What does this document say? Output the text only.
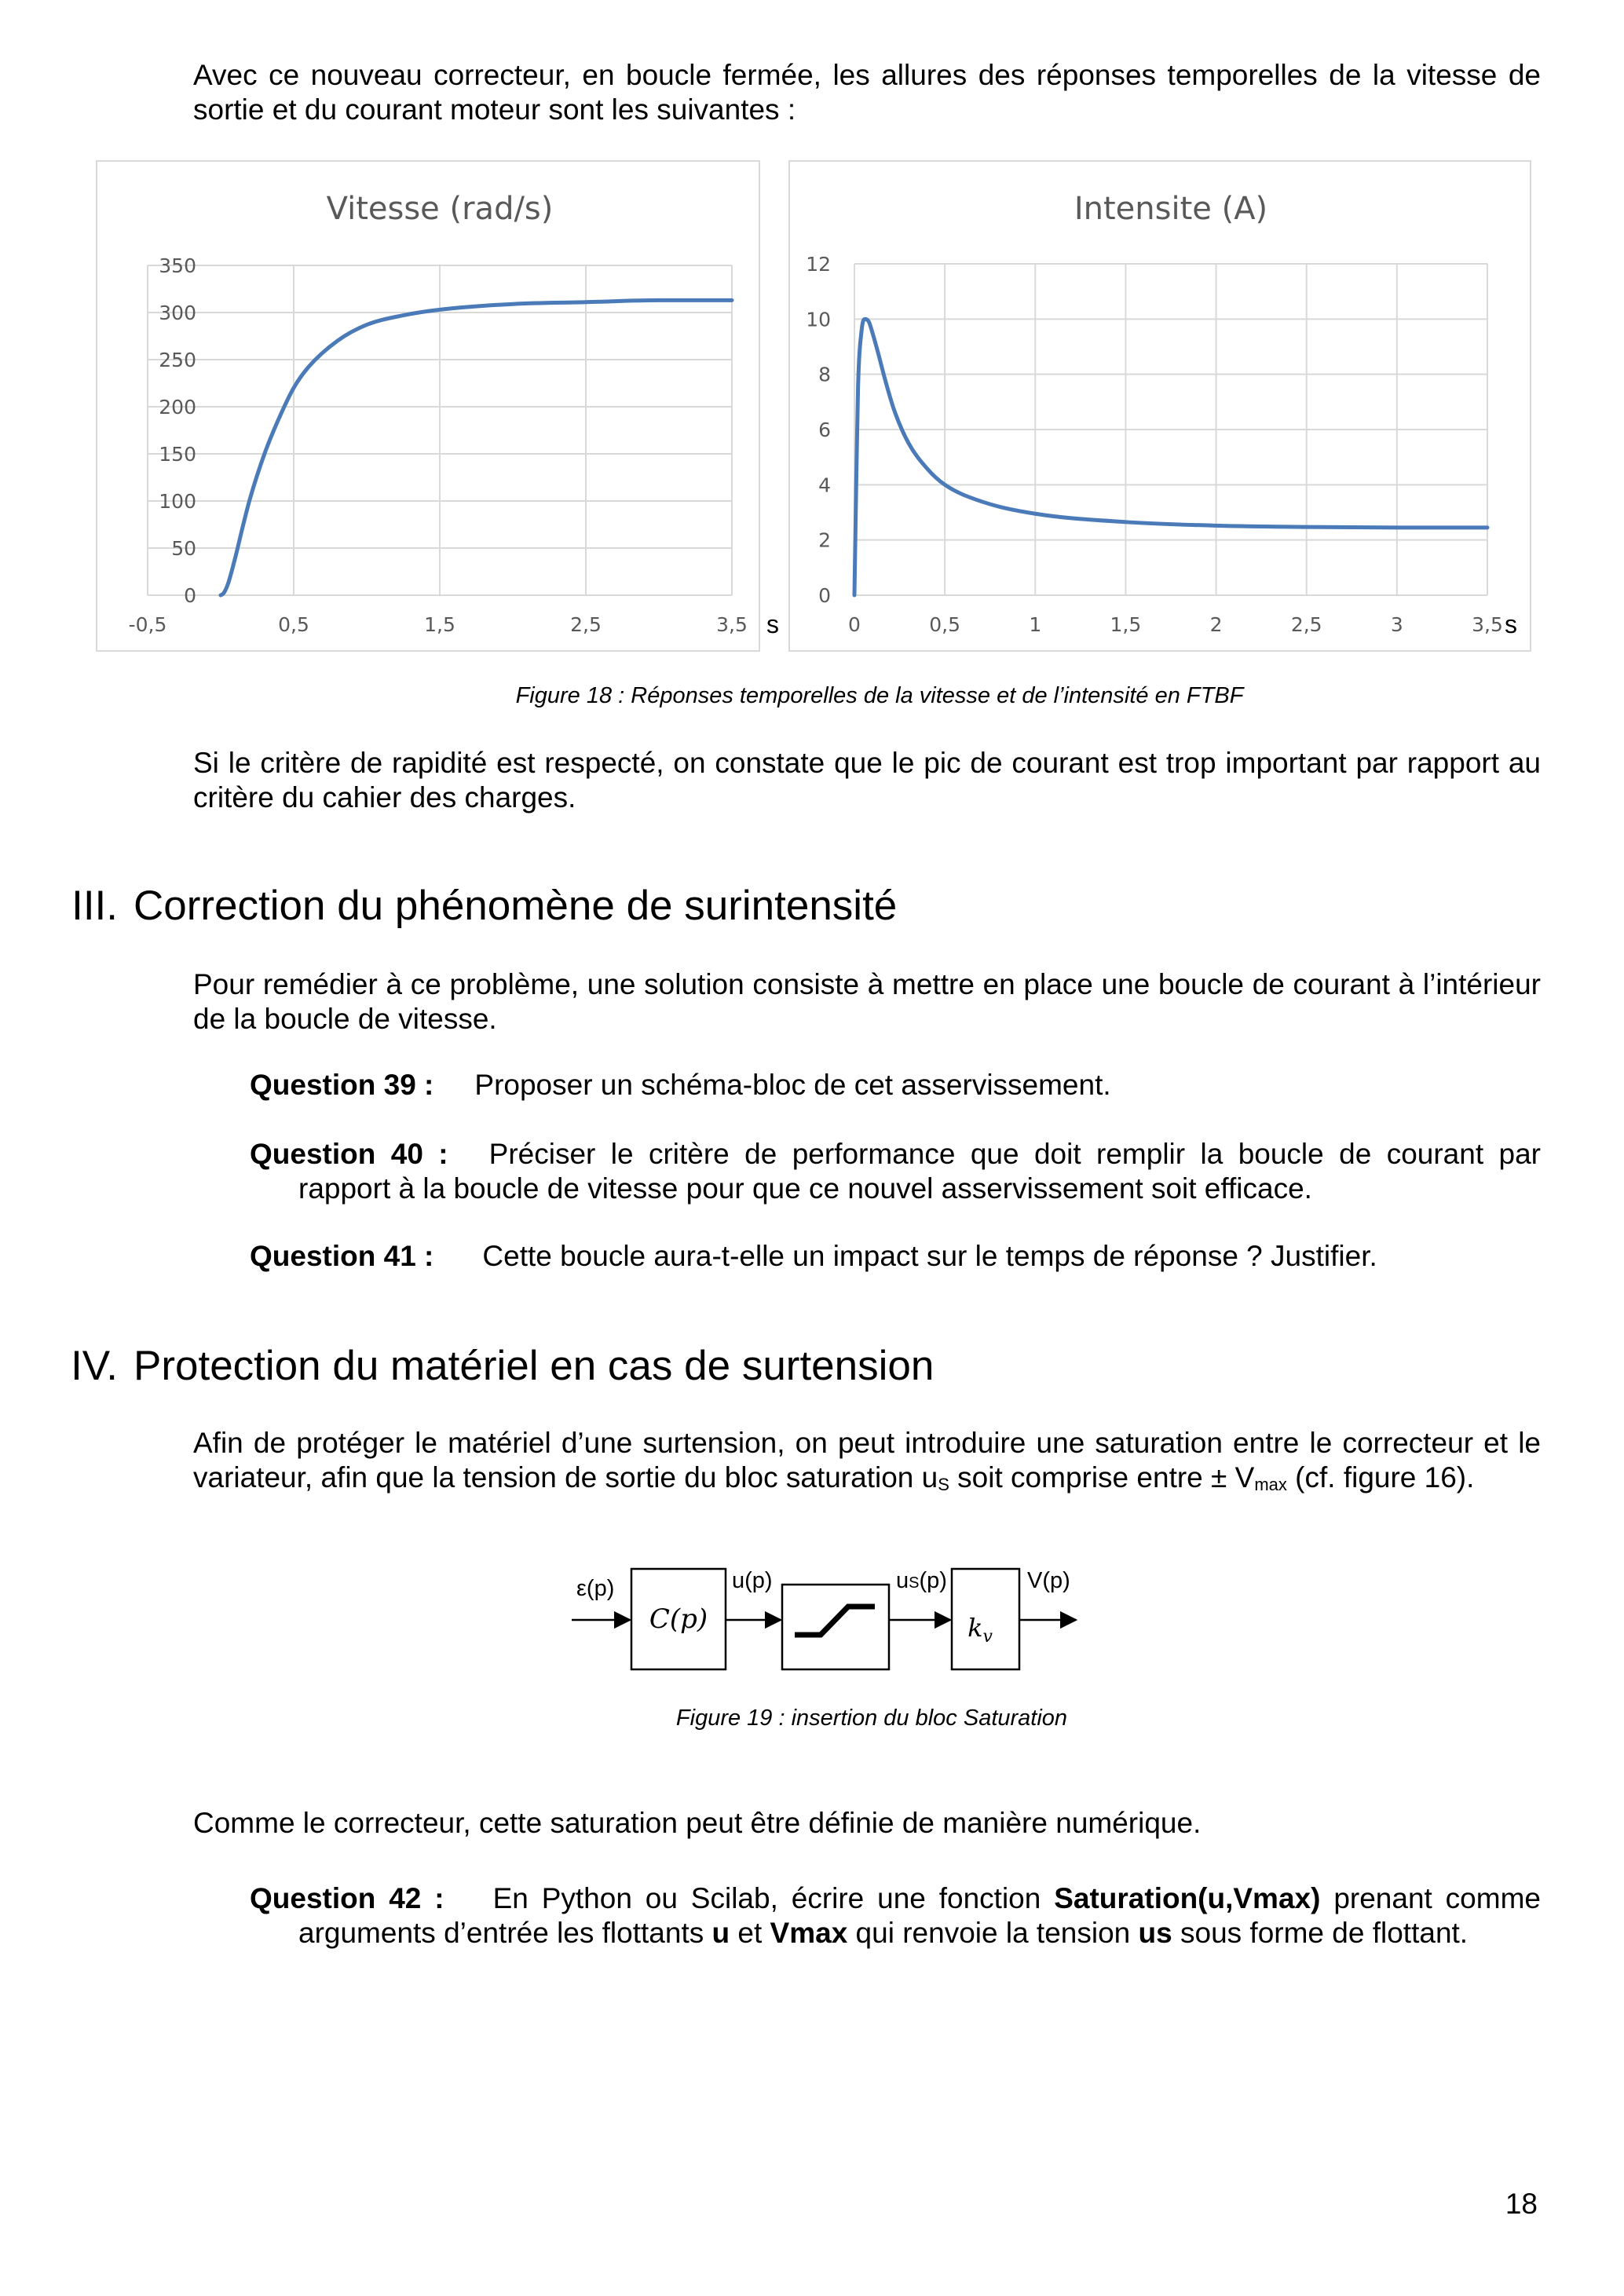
Avec ce nouveau correcteur, en boucle fermée, les allures des réponses temporelles de la vitesse de sortie et du courant moteur sont les suivantes :

Vitesse (rad/s)
0
50
100
150
200
250
300
350
-0,5	0,5	1,5	2,5	3,5 s
Intensite (A)
0
2
4
6
8
10
12
0	0,5	1	1,5	2	2,5	3	3,5 s
Figure 18 : Réponses temporelles de la vitesse et de l’intensité en FTBF

Si le critère de rapidité est respecté, on constate que le pic de courant est trop important par rapport au critère du cahier des charges.

III. Correction du phénomène de surintensité

Pour remédier à ce problème, une solution consiste à mettre en place une boucle de courant à l’intérieur de la boucle de vitesse.

Question 39 : Proposer un schéma-bloc de cet asservissement.
Question 40 : Préciser le critère de performance que doit remplir la boucle de courant par
rapport à la boucle de vitesse pour que ce nouvel asservissement soit efficace.
Question 41 : Cette boucle aura-t-elle un impact sur le temps de réponse ? Justifier.
IV. Protection du matériel en cas de surtension

Afin de protéger le matériel d’une surtension, on peut introduire une saturation entre le correcteur et le variateur, afin que la tension de sortie du bloc saturation $u_S$ soit comprise entre ± $V_{max}$ (cf. figure 16).

ε(p)
C(p)
u(p)	uS(p)
$k_v$
V(p)
Figure 19 : insertion du bloc Saturation

Comme le correcteur, cette saturation peut être définie de manière numérique.

Question 42 : En Python ou Scilab, écrire une fonction Saturation(u,Vmax) prenant comme
arguments d’entrée les flottants u et Vmax qui renvoie la tension us sous forme de flottant.
18
